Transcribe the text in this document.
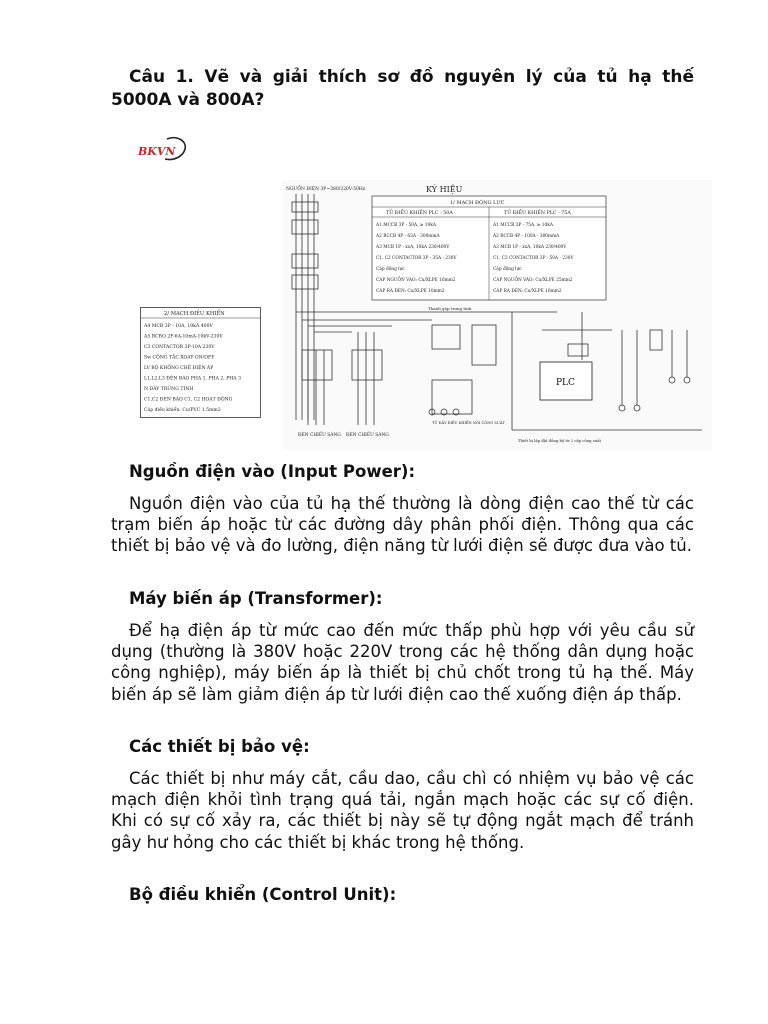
Câu 1. Vẽ và giải thích sơ đồ nguyên lý của tủ hạ thế 5000A và 800A?
BKVN
2/ MẠCH ĐIỀU KHIỂN
A4 MCB 3P - 10A, 10kA 400V
A5 RCBO 2P-6A-10mA-10kV-230V
C3 CONTACTOR 3P-10A 230V
Sw CÔNG TẮC XOAY ON/OFF
LV BỘ KHỐNG CHẾ ĐIỆN ÁP
L1,L2,L3 ĐÈN BÁO PHA 1, PHA 2, PHA 3
N DÂY TRUNG TÍNH
C1,C2 ĐÈN BÁO C1, C2 HOẠT ĐỘNG
Cáp điều khiển: Cu/PVC 1.5mm2
NGUỒN ĐIỆN 3P~380/220V-50Hz	KÝ HIỆU
1/ MẠCH ĐỘNG LỰC
TỦ ĐIỀU KHIỂN PLC - 50A	TỦ ĐIỀU KHIỂN PLC - 75A
A1 MCCB 3P - 50A, ≥ 10kA
A2 RCCB 4P - 63A - 300mmA
A3 MCB 1P - xxA, 10kA 230/400V
C1, C2 CONTACTOR 3P - 35A - 230V
Cáp động lực
CÁP NGUỒN VÀO: Cu/XLPE 16mm2
CÁP RA ĐÈN: Cu/XLPE 10mm2
A1 MCCB 3P - 75A, ≥ 10kA
A2 RCCB 4P - 100A - 300mmA
A3 MCB 1P - xxA, 10kA 230/400V
C1, C2 CONTACTOR 3P - 50A - 230V
Cáp động lực
CÁP NGUỒN VÀO: Cu/XLPE 25mm2
CÁP RA ĐÈN: Cu/XLPE 16mm2
PLC
Thanh góp trung tính
TỦ ĐẦY ĐIỀU KHIỂN NỐI CÔNG SUẤT
ĐÈN CHIẾU SÁNG ĐÈN CHIẾU SÁNG
Thiết bị lắp đặt đồng bộ từ 2 cấp công suất
Nguồn điện vào (Input Power):
Nguồn điện vào của tủ hạ thế thường là dòng điện cao thế từ các trạm biến áp hoặc từ các đường dây phân phối điện. Thông qua các thiết bị bảo vệ và đo lường, điện năng từ lưới điện sẽ được đưa vào tủ.
Máy biến áp (Transformer):
Để hạ điện áp từ mức cao đến mức thấp phù hợp với yêu cầu sử dụng (thường là 380V hoặc 220V trong các hệ thống dân dụng hoặc công nghiệp), máy biến áp là thiết bị chủ chốt trong tủ hạ thế. Máy biến áp sẽ làm giảm điện áp từ lưới điện cao thế xuống điện áp thấp.
Các thiết bị bảo vệ:
Các thiết bị như máy cắt, cầu dao, cầu chì có nhiệm vụ bảo vệ các mạch điện khỏi tình trạng quá tải, ngắn mạch hoặc các sự cố điện. Khi có sự cố xảy ra, các thiết bị này sẽ tự động ngắt mạch để tránh gây hư hỏng cho các thiết bị khác trong hệ thống.
Bộ điều khiển (Control Unit):
